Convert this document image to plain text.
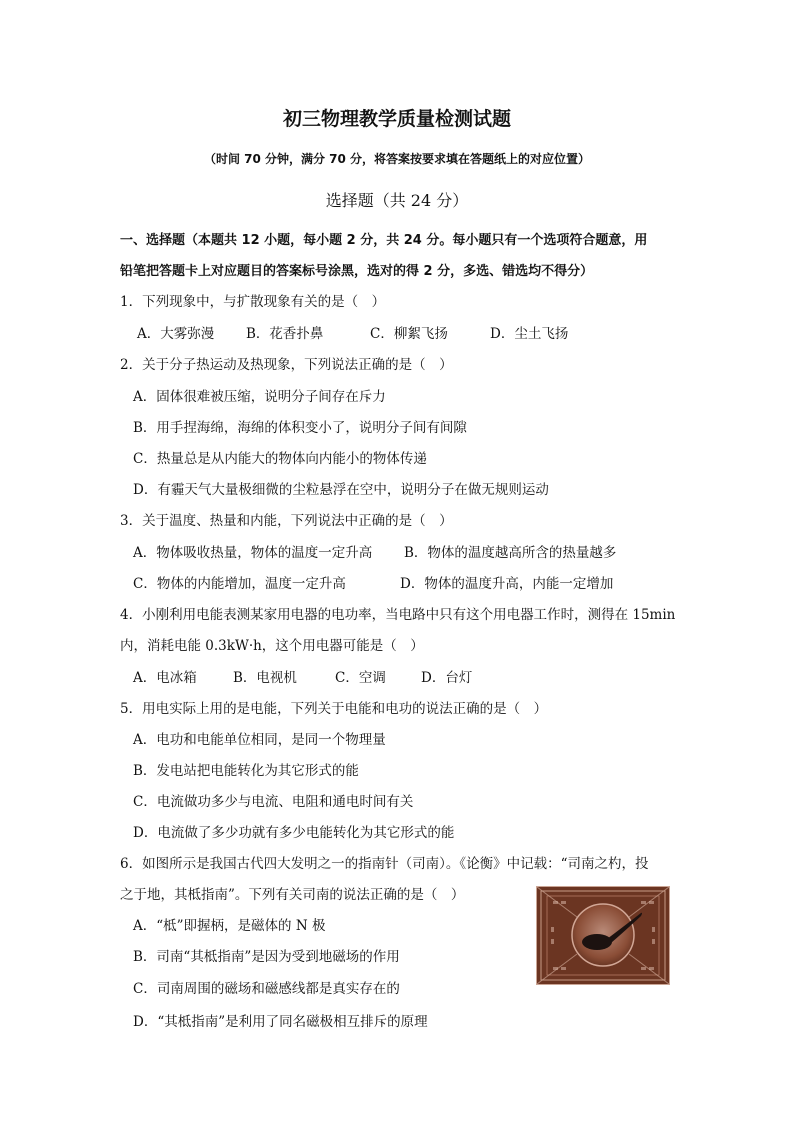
初三物理教学质量检测试题
（时间 70 分钟，满分 70 分，将答案按要求填在答题纸上的对应位置）
选择题（共 24 分）
一、选择题（本题共 12 小题，每小题 2 分，共 24 分。每小题只有一个选项符合题意，用
铅笔把答题卡上对应题目的答案标号涂黑，选对的得 2 分，多选、错选均不得分）
1．下列现象中，与扩散现象有关的是（　）
A．大雾弥漫 B．花香扑鼻	C．柳絮飞扬	D．尘土飞扬
2．关于分子热运动及热现象，下列说法正确的是（　）
A．固体很难被压缩，说明分子间存在斥力
B．用手捏海绵，海绵的体积变小了，说明分子间有间隙
C．热量总是从内能大的物体向内能小的物体传递
D．有霾天气大量极细微的尘粒悬浮在空中，说明分子在做无规则运动
3．关于温度、热量和内能，下列说法中正确的是（　）
A．物体吸收热量，物体的温度一定升高 B．物体的温度越高所含的热量越多
C．物体的内能增加，温度一定升高	D．物体的温度升高，内能一定增加
4．小刚利用电能表测某家用电器的电功率，当电路中只有这个用电器工作时，测得在 15min
内，消耗电能 0.3kW·h，这个用电器可能是（　）
A．电冰箱	B．电视机	C．空调	D．台灯
5．用电实际上用的是电能，下列关于电能和电功的说法正确的是（　）
A．电功和电能单位相同，是同一个物理量
B．发电站把电能转化为其它形式的能
C．电流做功多少与电流、电阻和通电时间有关
D．电流做了多少功就有多少电能转化为其它形式的能
6．如图所示是我国古代四大发明之一的指南针（司南）。《论衡》中记载：“司南之杓，投
之于地，其柢指南”。下列有关司南的说法正确的是（　）
A．“柢”即握柄，是磁体的 N 极
B．司南“其柢指南”是因为受到地磁场的作用
C．司南周围的磁场和磁感线都是真实存在的
D．“其柢指南”是利用了同名磁极相互排斥的原理
